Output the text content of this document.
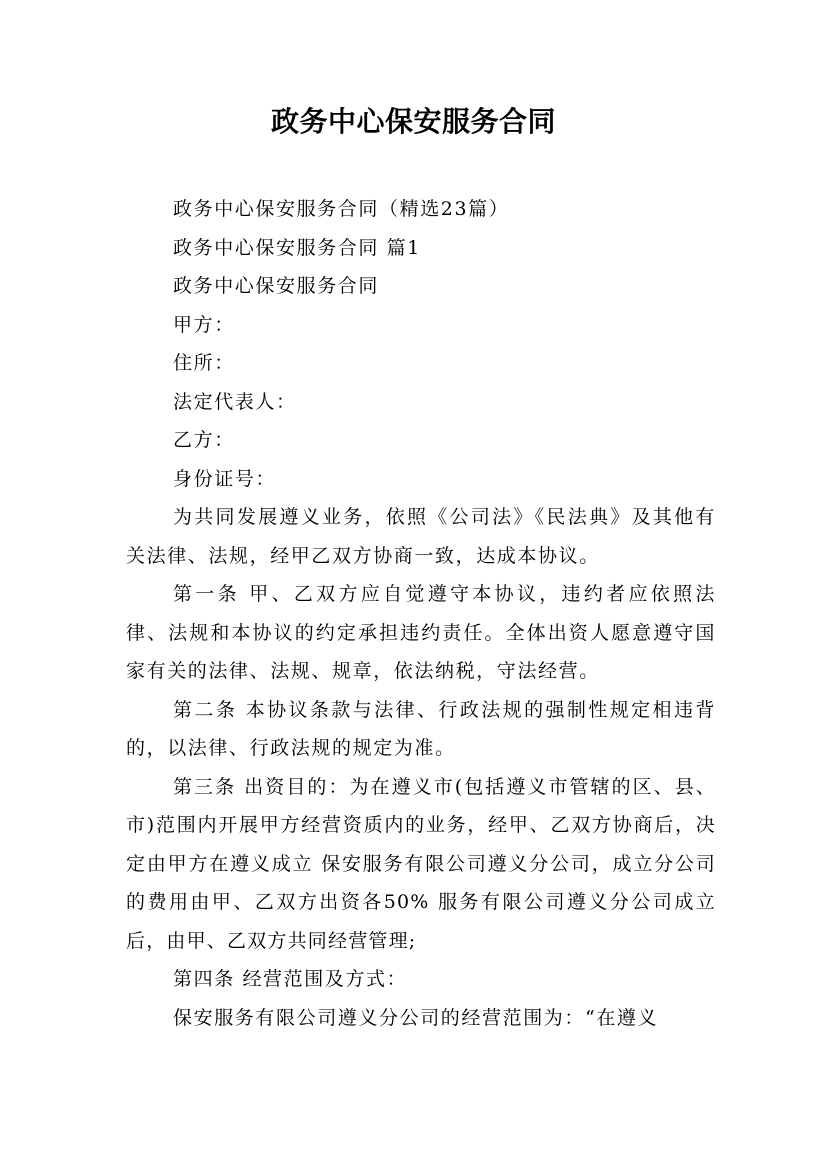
政务中心保安服务合同

政务中心保安服务合同（精选23篇）

政务中心保安服务合同 篇1

政务中心保安服务合同

甲方：

住所：

法定代表人：

乙方：

身份证号：

为共同发展遵义业务，依照《公司法》《民法典》及其他有关法律、法规，经甲乙双方协商一致，达成本协议。

第一条 甲、乙双方应自觉遵守本协议，违约者应依照法律、法规和本协议的约定承担违约责任。全体出资人愿意遵守国家有关的法律、法规、规章，依法纳税，守法经营。

第二条 本协议条款与法律、行政法规的强制性规定相违背的，以法律、行政法规的规定为准。

第三条 出资目的：为在遵义市(包括遵义市管辖的区、县、市)范围内开展甲方经营资质内的业务，经甲、乙双方协商后，决定由甲方在遵义成立 保安服务有限公司遵义分公司，成立分公司的费用由甲、乙双方出资各50% 服务有限公司遵义分公司成立后，由甲、乙双方共同经营管理;

第四条 经营范围及方式：

保安服务有限公司遵义分公司的经营范围为：“在遵义
